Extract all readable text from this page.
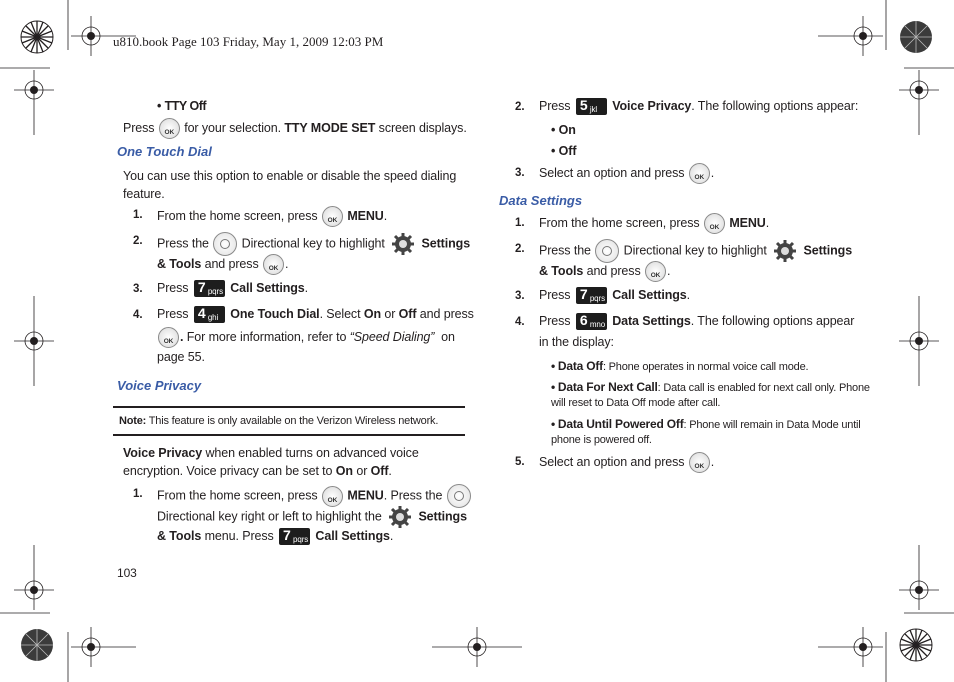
u810.book Page 103 Friday, May 1, 2009 12:03 PM
• TTY Off
Press	OK for your selection. TTY MODE SET screen displays.
One Touch Dial
You can use this option to enable or disable the speed dialing
feature.
1. From the home screen, press	OK MENU.
2. Press the	Directional key to highlight	Settings
& Tools and press	OK .
3. Press 7 pqrs Call Settings.
4. Press 4 ghi One Touch Dial. Select On or Off and press
OK . For more information, refer to “Speed Dialing” on
page 55.
Voice Privacy
Note: This feature is only available on the Verizon Wireless network.
Voice Privacy when enabled turns on advanced voice
encryption. Voice privacy can be set to On or Off.
1. From the home screen, press	OK MENU. Press the
Directional key right or left to highlight the	Settings
& Tools menu. Press 7 pqrs Call Settings.
103
2. Press 5 jkl Voice Privacy. The following options appear:
• On
• Off
3. Select an option and press	OK .
Data Settings
1. From the home screen, press	OK MENU.
2. Press the	Directional key to highlight	Settings
& Tools and press	OK .
3. Press 7 pqrs Call Settings.
4. Press 6 mno Data Settings. The following options appear
in the display:
• Data Off: Phone operates in normal voice call mode.
• Data For Next Call: Data call is enabled for next call only. Phone
will reset to Data Off mode after call.
• Data Until Powered Off: Phone will remain in Data Mode until
phone is powered off.
5. Select an option and press	OK .
